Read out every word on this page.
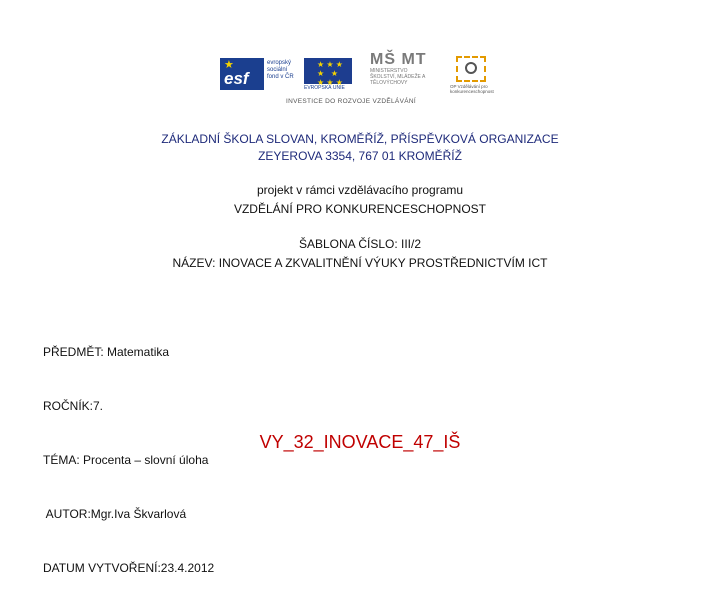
★
esf
evropský
sociální
fond v ČR
★ ★ ★
★   ★
★ ★ ★
EVROPSKÁ UNIE
MŠ MT
MINISTERSTVO ŠKOLSTVÍ, MLÁDEŽE A TĚLOVÝCHOVY
OP Vzdělávání pro konkurenceschopnost
INVESTICE DO ROZVOJE VZDĚLÁVÁNÍ
ZÁKLADNÍ ŠKOLA SLOVAN, KROMĚŘÍŽ, PŘÍSPĚVKOVÁ ORGANIZACE
ZEYEROVA 3354, 767 01 KROMĚŘÍŽ
projekt v rámci vzdělávacího programu
VZDĚLÁNÍ PRO KONKURENCESCHOPNOST
ŠABLONA ČÍSLO: III/2
NÁZEV: INOVACE A ZKVALITNĚNÍ VÝUKY PROSTŘEDNICTVÍM ICT

PŘEDMĚT: Matematika

ROČNÍK:7.

TÉMA: Procenta – slovní úloha

AUTOR:Mgr.Iva Škvarlová

DATUM VYTVOŘENÍ:23.4.2012

VY_32_INOVACE_47_IŠ
